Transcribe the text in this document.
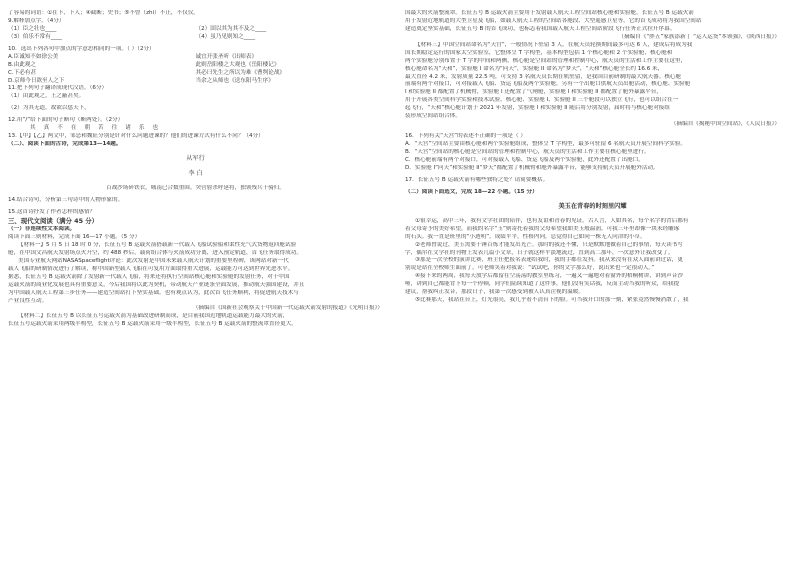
了容易的词语：①在下，下人；④截断；史书；⑤不曾（zhi）不止，不仅仅。

9.解释加点字。（4分）

（1）臣之壮也____	（2）固以其为其不及之____
（3）伯乐不常有____	（4）虽乃见则知之____

10．选出下列各句中加点的字意思相同的一项。（ ）（2分）

A.臣诚知不如徐公美	诚宜开张圣听《出师表》
B.由此观之	此则岳阳楼之大观也《岳阳楼记》
C.下必有甚	其必曰先生之所以为难《曹刿论战》
D.京师今日欲至人之下	当余之从师也《送东阳马生序》

11.把下列句子翻译成现代汉语。（6分）

（1）由此观之，王之蔽甚矣。

（2）为其无道，故欲以惩天下。

12.用“/”给下面的句子断句（断两处）。（2分）

其 真 不 在 朝 苦 往 诸 乐 也

13.【甲】【乙】两文中，邹忌和魏征分别是针对什么问题进谏的？他们的进谏方式有什么不同？（4分）

（二）、阅读下面的古诗，完成第13—14题。

从军行

李 白

百战沙场碎铁衣，城南已合数重围。突营射杀呼延将，独领残兵千骑归。

14.结合诗句，分析第三句诗中的人物形象的。

15.这首诗抒发了作者怎样的感情？

三、现代文阅读（满分 45 分）

（一）非连续性文本阅读。

阅读下面三则材料，完成下面 16—17 小题。（5 分）

【材料一】5 月 5 日 18 时 0 分，长征五号 B 运载火箭搭载新一代载人飞船试验船和柔性充气式货物返回舱试验

舱，在中国文昌航天发射场点火升空，约 488 秒后，载荷组合体与火箭成功分离，进入预定轨道，首飞任务取得成功。

美国专业航天网站NASASpaceflight评论：此次发射是中国未来载人航天计划的重要里程碑，该网站对新一代

载人飞船的研制情况进行了解读，称中国新型载人飞船在可复用方面取得重大进展，运载能力可达到世界先进水平。

据悉，长征五号 B 运载火箭除了发射新一代载人飞船，将来还将执行空间站核心舱和实验舱的发射任务，对于中国

运载火箭的商业化发展也具有重要意义，今后我国将以此为契机，带动航天产业链条全面发展，推动航天强国建设，并且

为中国载人航天工程第三步任务——建造空间站打下坚实基础。也有观点认为，此次首飞任务顺利，将促进航天技术与

产业良性互动。

（摘编自《国新社会观察关于中国新一代运载火箭发射的报道》《光明日报》）

【材料二】长征五号 B 以长征五号运载火箭为基础改进研制而成，是目前我国近地轨道运载能力最大的火箭，

长征五号运载火箭采用两级半构型，长征五号 B 运载火箭采用一级半构型，长征五号 B 运载火箭的整流罩直径更大。

国最大的火箭整流罩。长征五号 B 运载火箭主要用于发射载人航天工程空间站核心舱和实验舱，长征五号 B 运载火箭

用于发射近地轨道的大型卫星及飞船，如载人航天工程的空间站各舱段、大型遥感卫星等，它的首飞成功将为我国空间站

建造奠定坚实基础，长征五号 B 的首飞成功，也标志着我国载人航天工程空间站阶段飞行任务正式拉开序幕。

（摘编自《“胖五”家族添新丁 “运人运货”本领强》，《陕西日报》）

【材料三】中国空间站命名为“天宫”，一般情况下驻留 3 人，在航天员轮换期间最多可达 6 人，建成后将成为我

国长期稳定运行的国家太空实验室，它整体呈 T 字构型，基本构型包括 1 个核心舱和 2 个实验舱，核心舱和

两个实验舱分别布置于 T 字的中间和两侧，核心舱是空间站的管理和控制中心，航天员的生活和工作主要在这里，

核心舱命名为“天和”，实验舱 I 命名为“问天”，实验舱 II 命名为“梦天”，“天和”核心舱全长约 16.6 米，

最大直径 4.2 米，发射质量 22.5 吨，可支持 3 名航天员长期在轨驻留，是我国目前研制的最大航天器。核心舱

前端有两个对接口，可对接载人飞船、货运飞船及两个实验舱，另有一个出舱口供航天员出舱活动，核心舱、实验舱

I 和实验舱 II 都配置了机械臂，实验舱 I 还配置了气闸舱，实验舱 I 和实验舱 II 都配置了舱外暴露平台，

用于开展各类空间科学实验和技术试验。核心舱、实验舱 I、实验舱 II 三个舱段可以独立飞行，也可以组合在一

起飞行，“天和”核心舱计划于 2021 年发射，实验舱 I 和实验舱 II 随后将分别发射，届时将与核心舱对接组

装形成空间站组合体。

（摘编自《揭秘中国空间站》，《人民日报》）

16．下列有关“天宫”的表述不正确的一项是（ ）

A．“天宫”空间站主要由核心舱和两个实验舱组成，整体呈 T 字构型，最多可驻留 6 名航天员开展空间科学实验。

B．“天宫”空间站的核心舱是空间站的管理和控制中心，航天员的生活和工作主要在核心舱里进行。

C．核心舱前端有两个对接口，可对接载人飞船、货运飞船及两个实验舱，此外还配置了出舱口。

D．实验舱 I“问天”和实验舱 II“梦天”都配置了机械臂和舱外暴露平台，能够支持航天员开展舱外活动。

17．长征五号 B 运载火箭有哪些独特之处？请简要概括。

（二）阅读下面选文，完成 18—22 小题。（15 分）

美玉在青春的时刻里闪耀

①很幸运，高中三年，我有文学社团的陪伴，也有友谊和青春的见证。古人言，人如其名，每个名字的背后都有

着父母寄予的美好希望，而我的名字“玉”则寄托着我的父母希望我如美玉般温润，可我三年里却像一块未经雕琢

的石头。我一直是班里的“小透明”，成绩平平，性格内向，总觉得自己如同一株无人问津的小草。

②老师曾说过，美玉需要千锤百炼才能发出光芒。那时的我还不懂，只是默默地做着自己的事情，每天读书写

字，偶尔在文学社的刊物上发表几篇小文章，日子就这样平淡地流过，直到高二那年，一次意外让我改变了。

③那是一次全校的演讲比赛，班主任把报名表递给我时，我的手都在发抖。我从来没有在众人面前讲过话，更

别说是站在全校师生面前了。可老师笑着对我说：“试试吧，你的文字那么好，说出来也一定很动人。”

④接下来的两周，我每天放学后都留在空荡荡的教室里练习，一遍又一遍地对着窗外的梧桐树讲，讲到声音沙

哑，讲到自己都能背下每一个停顿，同学们陆续知道了这件事，他们没有笑话我，反而主动当我的听众，给我提

建议，帮我纠正发音，那段日子，我第一次感受到被人认真注视的温暖。

⑤比赛那天，我站在台上，灯光很亮，我几乎看不清台下的脸。可当我开口的那一刻，紧张竟然慢慢消散了，我
